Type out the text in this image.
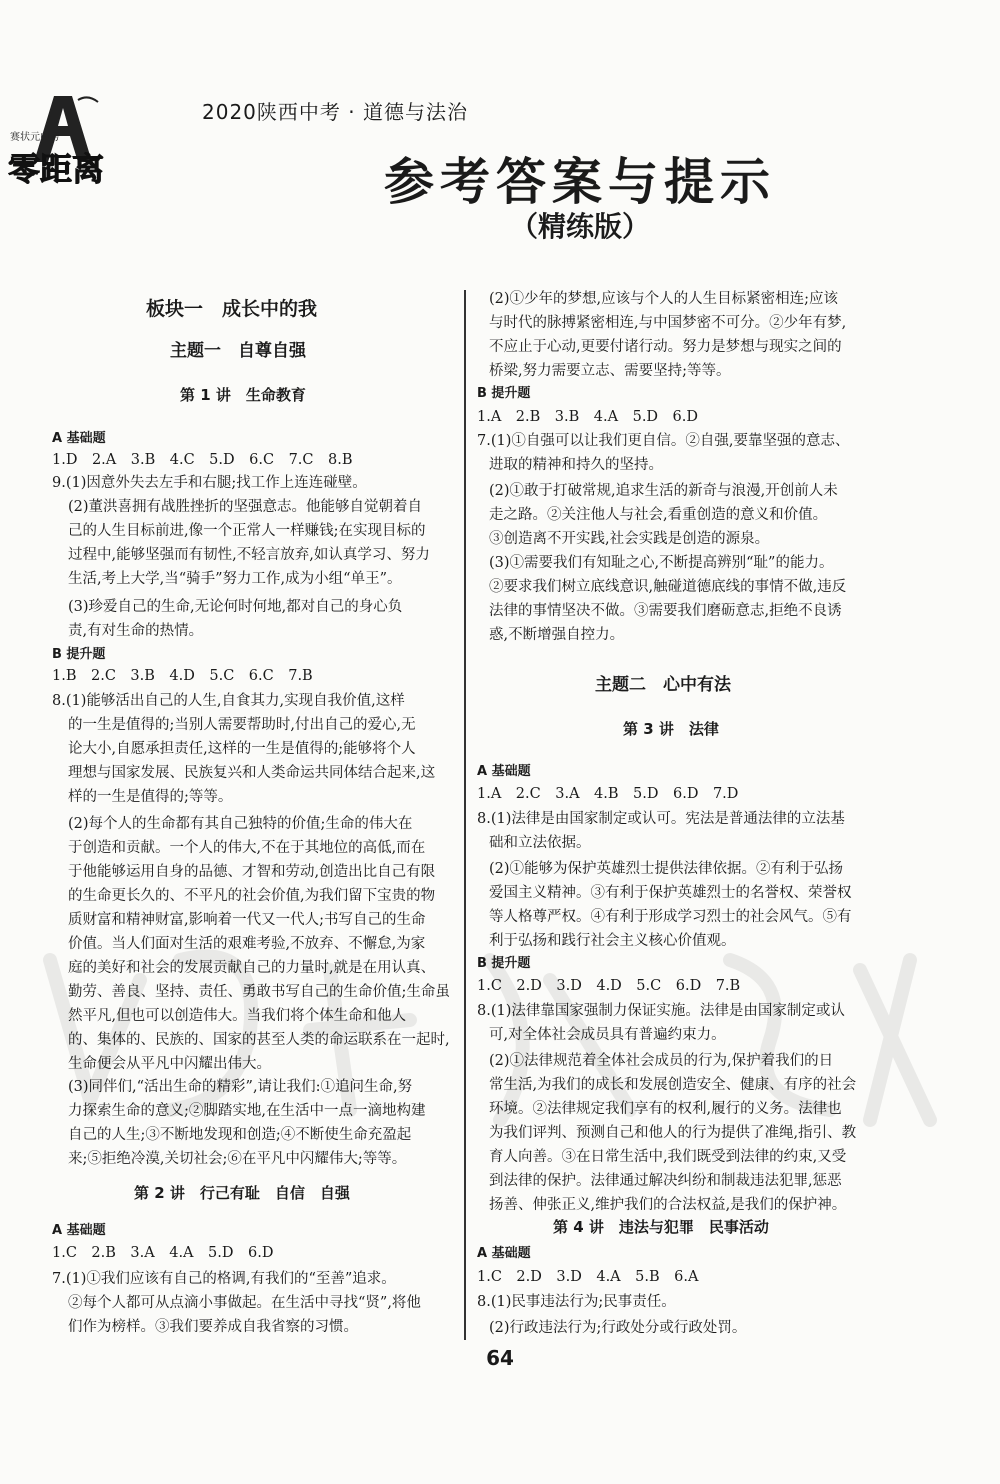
赛状元中考
零距离
2020陕西中考 · 道德与法治
参考答案与提示
（精练版）
板块一　成长中的我
主题一　自尊自强
第 1 讲　生命教育
A 基础题
1.D　2.A　3.B　4.C　5.D　6.C　7.C　8.B
9.(1)因意外失去左手和右腿;找工作上连连碰壁。
(2)董洪喜拥有战胜挫折的坚强意志。他能够自觉朝着自
己的人生目标前进,像一个正常人一样赚钱;在实现目标的
过程中,能够坚强而有韧性,不轻言放弃,如认真学习、努力
生活,考上大学,当“骑手”努力工作,成为小组“单王”。
(3)珍爱自己的生命,无论何时何地,都对自己的身心负
责,有对生命的热情。
B 提升题
1.B　2.C　3.B　4.D　5.C　6.C　7.B
8.(1)能够活出自己的人生,自食其力,实现自我价值,这样
的一生是值得的;当别人需要帮助时,付出自己的爱心,无
论大小,自愿承担责任,这样的一生是值得的;能够将个人
理想与国家发展、民族复兴和人类命运共同体结合起来,这
样的一生是值得的;等等。
(2)每个人的生命都有其自己独特的价值;生命的伟大在
于创造和贡献。一个人的伟大,不在于其地位的高低,而在
于他能够运用自身的品德、才智和劳动,创造出比自己有限
的生命更长久的、不平凡的社会价值,为我们留下宝贵的物
质财富和精神财富,影响着一代又一代人;书写自己的生命
价值。当人们面对生活的艰难考验,不放弃、不懈怠,为家
庭的美好和社会的发展贡献自己的力量时,就是在用认真、
勤劳、善良、坚持、责任、勇敢书写自己的生命价值;生命虽
然平凡,但也可以创造伟大。当我们将个体生命和他人
的、集体的、民族的、国家的甚至人类的命运联系在一起时,
生命便会从平凡中闪耀出伟大。
(3)同伴们,“活出生命的精彩”,请让我们:①追问生命,努
力探索生命的意义;②脚踏实地,在生活中一点一滴地构建
自己的人生;③不断地发现和创造;④不断使生命充盈起
来;⑤拒绝冷漠,关切社会;⑥在平凡中闪耀伟大;等等。
第 2 讲　行己有耻　自信　自强
A 基础题
1.C　2.B　3.A　4.A　5.D　6.D
7.(1)①我们应该有自己的格调,有我们的“至善”追求。
②每个人都可从点滴小事做起。在生活中寻找“贤”,将他
们作为榜样。③我们要养成自我省察的习惯。
(2)①少年的梦想,应该与个人的人生目标紧密相连;应该
与时代的脉搏紧密相连,与中国梦密不可分。②少年有梦,
不应止于心动,更要付诸行动。努力是梦想与现实之间的
桥梁,努力需要立志、需要坚持;等等。
B 提升题
1.A　2.B　3.B　4.A　5.D　6.D
7.(1)①自强可以让我们更自信。②自强,要靠坚强的意志、
进取的精神和持久的坚持。
(2)①敢于打破常规,追求生活的新奇与浪漫,开创前人未
走之路。②关注他人与社会,看重创造的意义和价值。
③创造离不开实践,社会实践是创造的源泉。
(3)①需要我们有知耻之心,不断提高辨别“耻”的能力。
②要求我们树立底线意识,触碰道德底线的事情不做,违反
法律的事情坚决不做。③需要我们磨砺意志,拒绝不良诱
惑,不断增强自控力。
主题二　心中有法
第 3 讲　法律
A 基础题
1.A　2.C　3.A　4.B　5.D　6.D　7.D
8.(1)法律是由国家制定或认可。宪法是普通法律的立法基
础和立法依据。
(2)①能够为保护英雄烈士提供法律依据。②有利于弘扬
爱国主义精神。③有利于保护英雄烈士的名誉权、荣誉权
等人格尊严权。④有利于形成学习烈士的社会风气。⑤有
利于弘扬和践行社会主义核心价值观。
B 提升题
1.C　2.D　3.D　4.D　5.C　6.D　7.B
8.(1)法律靠国家强制力保证实施。法律是由国家制定或认
可,对全体社会成员具有普遍约束力。
(2)①法律规范着全体社会成员的行为,保护着我们的日
常生活,为我们的成长和发展创造安全、健康、有序的社会
环境。②法律规定我们享有的权利,履行的义务。法律也
为我们评判、预测自己和他人的行为提供了准绳,指引、教
育人向善。③在日常生活中,我们既受到法律的约束,又受
到法律的保护。法律通过解决纠纷和制裁违法犯罪,惩恶
扬善、伸张正义,维护我们的合法权益,是我们的保护神。
第 4 讲　违法与犯罪　民事活动
A 基础题
1.C　2.D　3.D　4.A　5.B　6.A
8.(1)民事违法行为;民事责任。
(2)行政违法行为;行政处分或行政处罚。
64
